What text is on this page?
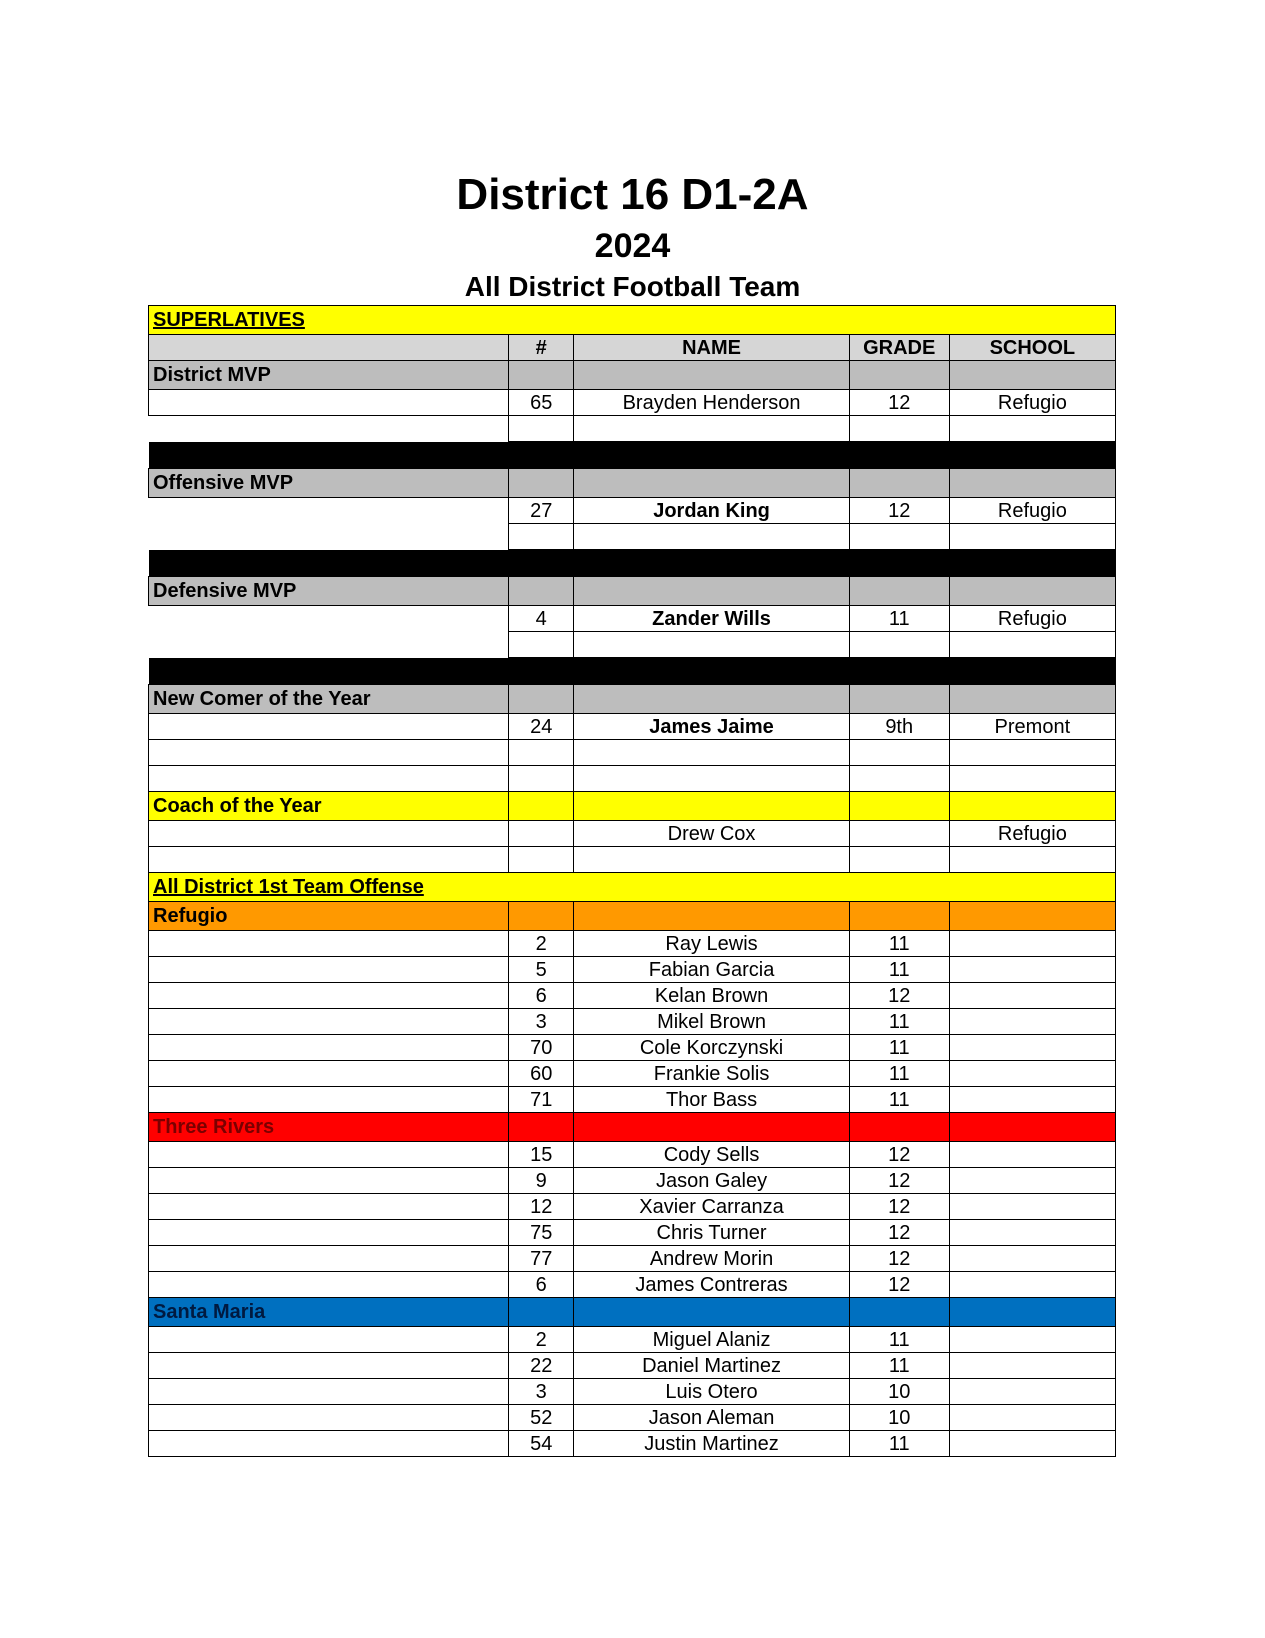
District 16 D1-2A
2024
All District Football Team
SUPERLATIVES				
	#	NAME	GRADE	SCHOOL
District MVP				
	65	Brayden Henderson	12	Refugio

Offensive MVP				
	27	Jordan King	12	Refugio

Defensive MVP				
	4	Zander Wills	11	Refugio

New Comer of the Year				
	24	James Jaime	9th	Premont

Coach of the Year				
		Drew Cox		Refugio

All District 1st Team Offense				
Refugio				
	2	Ray Lewis	11	
	5	Fabian Garcia	11	
	6	Kelan Brown	12	
	3	Mikel Brown	11	
	70	Cole Korczynski	11	
	60	Frankie Solis	11	
	71	Thor Bass	11	
Three Rivers				
	15	Cody Sells	12	
	9	Jason Galey	12	
	12	Xavier Carranza	12	
	75	Chris Turner	12	
	77	Andrew Morin	12	
	6	James Contreras	12	
Santa Maria				
	2	Miguel Alaniz	11	
	22	Daniel Martinez	11	
	3	Luis Otero	10	
	52	Jason Aleman	10	
	54	Justin Martinez	11	
